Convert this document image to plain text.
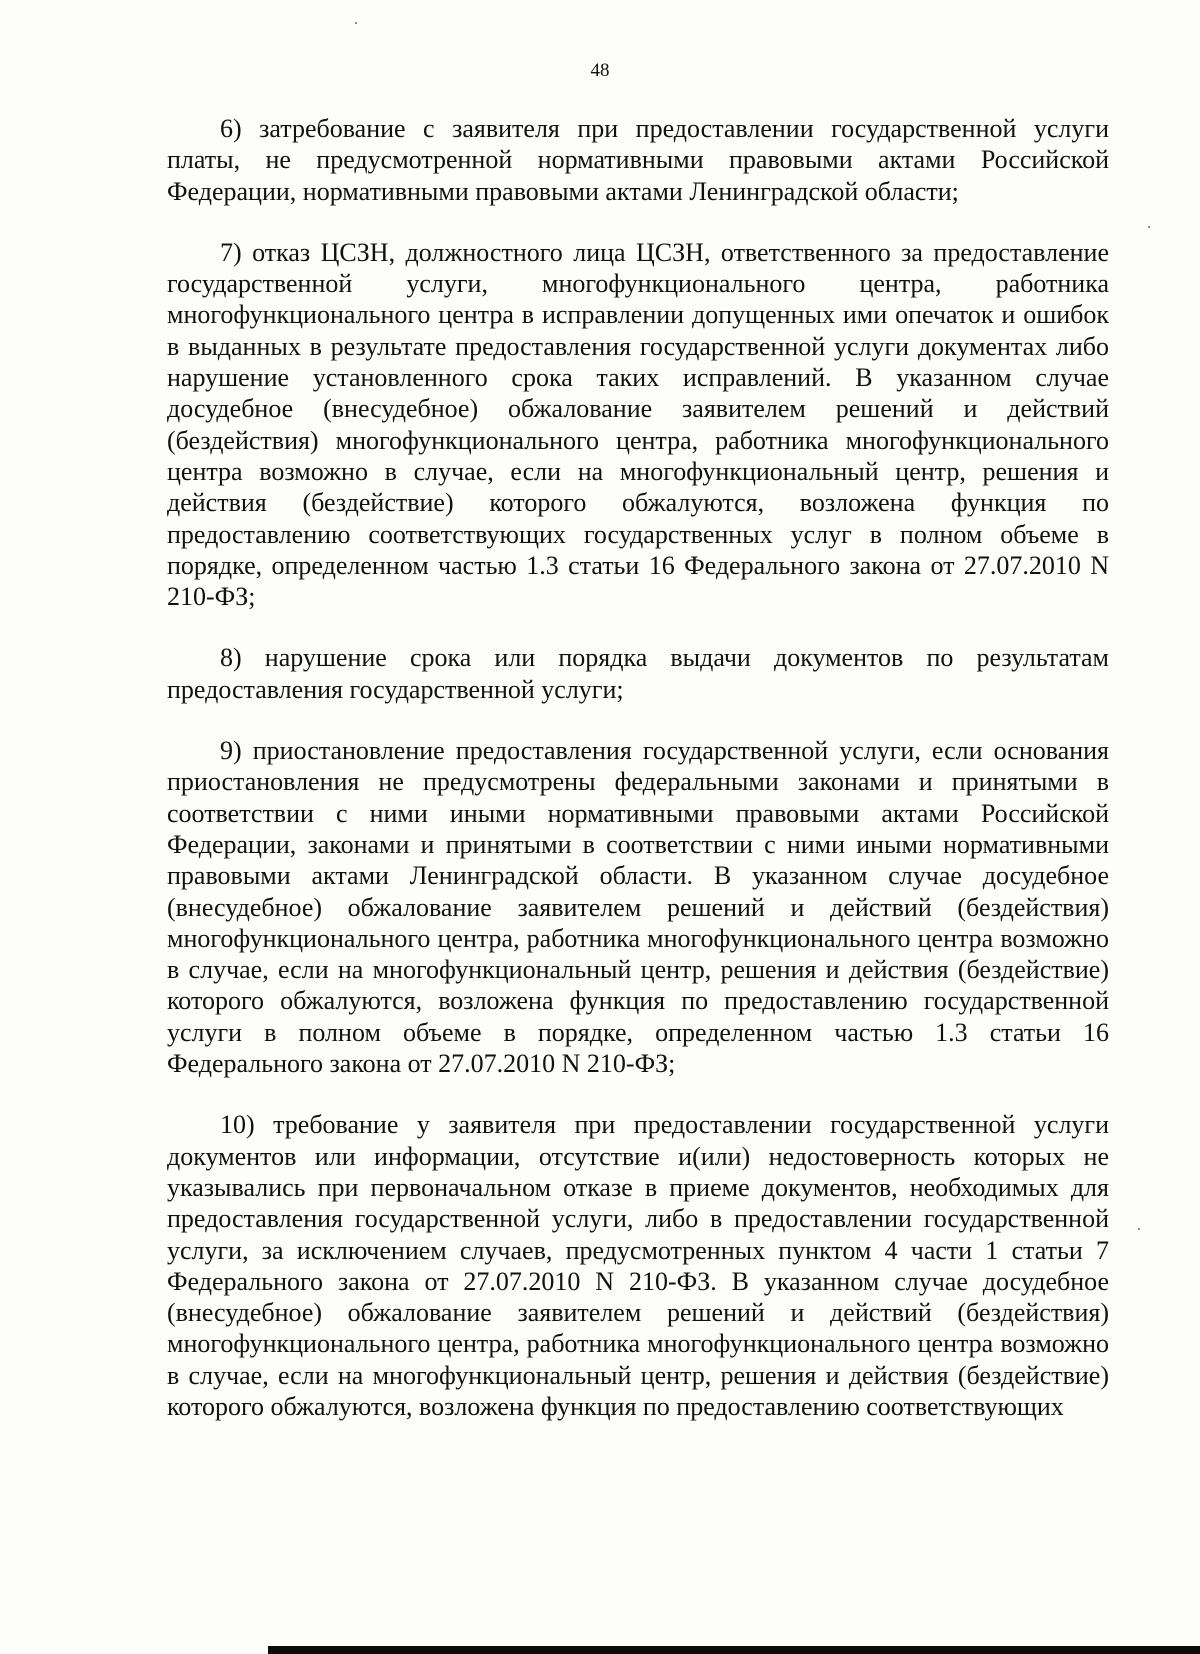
48

6) затребование с заявителя при предоставлении государственной услуги платы, не предусмотренной нормативными правовыми актами Российской Федерации, нормативными правовыми актами Ленинградской области;

7) отказ ЦСЗН, должностного лица ЦСЗН, ответственного за предоставление государственной услуги, многофункционального центра, работника многофункционального центра в исправлении допущенных ими опечаток и ошибок в выданных в результате предоставления государственной услуги документах либо нарушение установленного срока таких исправлений. В указанном случае досудебное (внесудебное) обжалование заявителем решений и действий (бездействия) многофункционального центра, работника многофункционального центра возможно в случае, если на многофункциональный центр, решения и действия (бездействие) которого обжалуются, возложена функция по предоставлению соответствующих государственных услуг в полном объеме в порядке, определенном частью 1.3 статьи 16 Федерального закона от 27.07.2010 N 210-ФЗ;

8) нарушение срока или порядка выдачи документов по результатам предоставления государственной услуги;

9) приостановление предоставления государственной услуги, если основания приостановления не предусмотрены федеральными законами и принятыми в соответствии с ними иными нормативными правовыми актами Российской Федерации, законами и принятыми в соответствии с ними иными нормативными правовыми актами Ленинградской области. В указанном случае досудебное (внесудебное) обжалование заявителем решений и действий (бездействия) многофункционального центра, работника многофункционального центра возможно в случае, если на многофункциональный центр, решения и действия (бездействие) которого обжалуются, возложена функция по предоставлению государственной услуги в полном объеме в порядке, определенном частью 1.3 статьи 16 Федерального закона от 27.07.2010 N 210-ФЗ;

10) требование у заявителя при предоставлении государственной услуги документов или информации, отсутствие и(или) недостоверность которых не указывались при первоначальном отказе в приеме документов, необходимых для предоставления государственной услуги, либо в предоставлении государственной услуги, за исключением случаев, предусмотренных пунктом 4 части 1 статьи 7 Федерального закона от 27.07.2010 N 210-ФЗ. В указанном случае досудебное (внесудебное) обжалование заявителем решений и действий (бездействия) многофункционального центра, работника многофункционального центра возможно в случае, если на многофункциональный центр, решения и действия (бездействие) которого обжалуются, возложена функция по предоставлению соответствующих
